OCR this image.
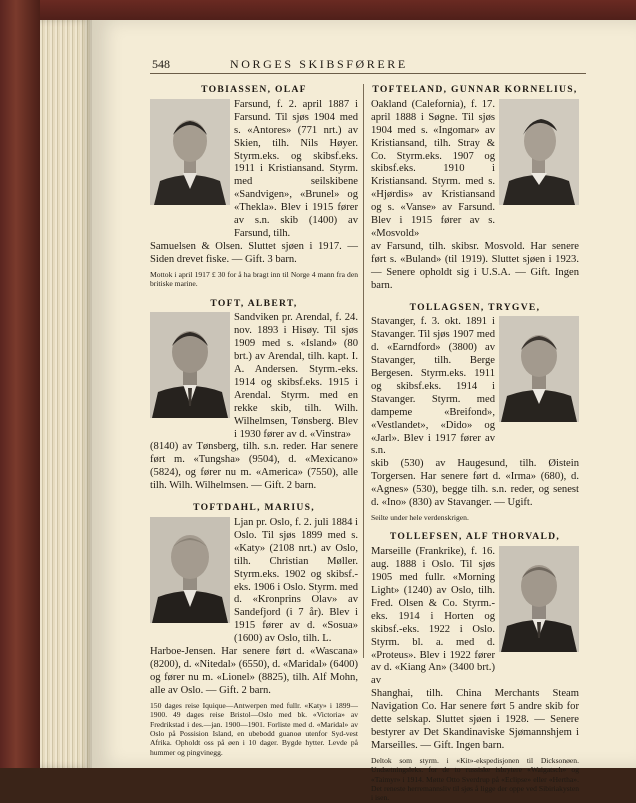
548	NORGES SKIBSFØRERE
TOBIASSEN, OLAF

Farsund, f. 2. april 1887 i Farsund. Til sjøs 1904 med s. «Antores» (771 nrt.) av Skien, tilh. Nils Høyer. Styrm.eks. og skibsf.eks. 1911 i Kristiansand. Styrm. med seilskibene «Sandvigen», «Brunel» og «Thekla». Blev i 1915 fører av s.n. skib (1400) av Farsund, tilh.

Samuelsen & Olsen. Sluttet sjøen i 1917. — Siden drevet fiske. — Gift. 3 barn.

Mottok i april 1917 £ 30 for å ha bragt inn til Norge 4 mann fra den britiske marine.
TOFT, ALBERT,

Sandviken pr. Arendal, f. 24. nov. 1893 i Hisøy. Til sjøs 1909 med s. «Island» (80 brt.) av Arendal, tilh. kapt. I. A. Andersen. Styrm.-eks. 1914 og skibsf.eks. 1915 i Arendal. Styrm. med en rekke skib, tilh. Wilh. Wilhelmsen, Tønsberg. Blev i 1930 fører av d. «Vinstra»

(8140) av Tønsberg, tilh. s.n. reder. Har senere ført m. «Tungsha» (9504), d. «Mexicano» (5824), og fører nu m. «America» (7550), alle tilh. Wilh. Wilhelmsen. — Gift. 2 barn.

TOFTDAHL, MARIUS,

Ljan pr. Oslo, f. 2. juli 1884 i Oslo. Til sjøs 1899 med s. «Katy» (2108 nrt.) av Oslo, tilh. Christian Møller. Styrm.eks. 1902 og skibsf.-eks. 1906 i Oslo. Styrm. med d. «Kronprins Olav» av Sandefjord (i 7 år). Blev i 1915 fører av d. «Sosua» (1600) av Oslo, tilh. L.

Harboe-Jensen. Har senere ført d. «Wascana» (8200), d. «Nitedal» (6550), d. «Maridal» (6400) og fører nu m. «Lionel» (8825), tilh. Alf Mohn, alle av Oslo. — Gift. 2 barn.

150 dages reise Iquique—Antwerpen med fullr. «Katy» i 1899—1900. 49 dages reise Bristol—Oslo med bk. «Victoria» av Fredrikstad i des.—jan. 1900—1901. Forliste med d. «Maridal» av Oslo på Possision Island, en ubebodd guanoø utenfor Syd-vest Afrika. Opholdt oss på øen i 10 dager. Bygde hytter. Levde på hummer og pingvinegg.
TOFTELAND, GUNNAR KORNELIUS,

Oakland (Calefornia), f. 17. april 1888 i Søgne. Til sjøs 1904 med s. «Ingomar» av Kristiansand, tilh. Stray & Co. Styrm.eks. 1907 og skibsf.eks. 1910 i Kristiansand. Styrm. med s. «Hjørdis» av Kristiansand og s. «Vanse» av Farsund. Blev i 1915 fører av s. «Mosvold»

av Farsund, tilh. skibsr. Mosvold. Har senere ført s. «Buland» (til 1919). Sluttet sjøen i 1923. — Senere opholdt sig i U.S.A. — Gift. Ingen barn.

TOLLAGSEN, TRYGVE,

Stavanger, f. 3. okt. 1891 i Stavanger. Til sjøs 1907 med d. «Earndford» (3800) av Stavanger, tilh. Berge Bergesen. Styrm.eks. 1911 og skibsf.eks. 1914 i Stavanger. Styrm. med dampeme «Breifond», «Vestlandet», «Dido» og «Jarl». Blev i 1917 fører av s.n.

skib (530) av Haugesund, tilh. Øistein Torgersen. Har senere ført d. «Irma» (680), d. «Agnes» (530), begge tilh. s.n. reder, og senest d. «Ino» (830) av Stavanger. — Ugift.

Seilte under hele verdenskrigen.
TOLLEFSEN, ALF THORVALD,

Marseille (Frankrike), f. 16. aug. 1888 i Oslo. Til sjøs 1905 med fullr. «Morning Light» (1240) av Oslo, tilh. Fred. Olsen & Co. Styrm.-eks. 1914 i Horten og skibsf.-eks. 1922 i Oslo. Styrm. bl. a. med d. «Proteus». Blev i 1922 fører av d. «Kiang An» (3400 brt.) av

Shanghai, tilh. China Merchants Steam Navigation Co. Har senere ført 5 andre skib for dette selskap. Sluttet sjøen i 1928. — Senere bestyrer av Det Skandinaviske Sjømannshjem i Marseilles. — Gift. Ingen barn.

Deltok som styrm. i «Kit»-ekspedisjonen til Dicksonøen. Undsetningsleks. for de to russiske isbrytere «Waigatsch» og «Taimyr» i 1914. Møtte Otto Sverdrup på «Eclipse» eller «Hertha». Det reneste herremannsliv til sjøs å ligge der oppe ved Sibiriakysten i isen.
